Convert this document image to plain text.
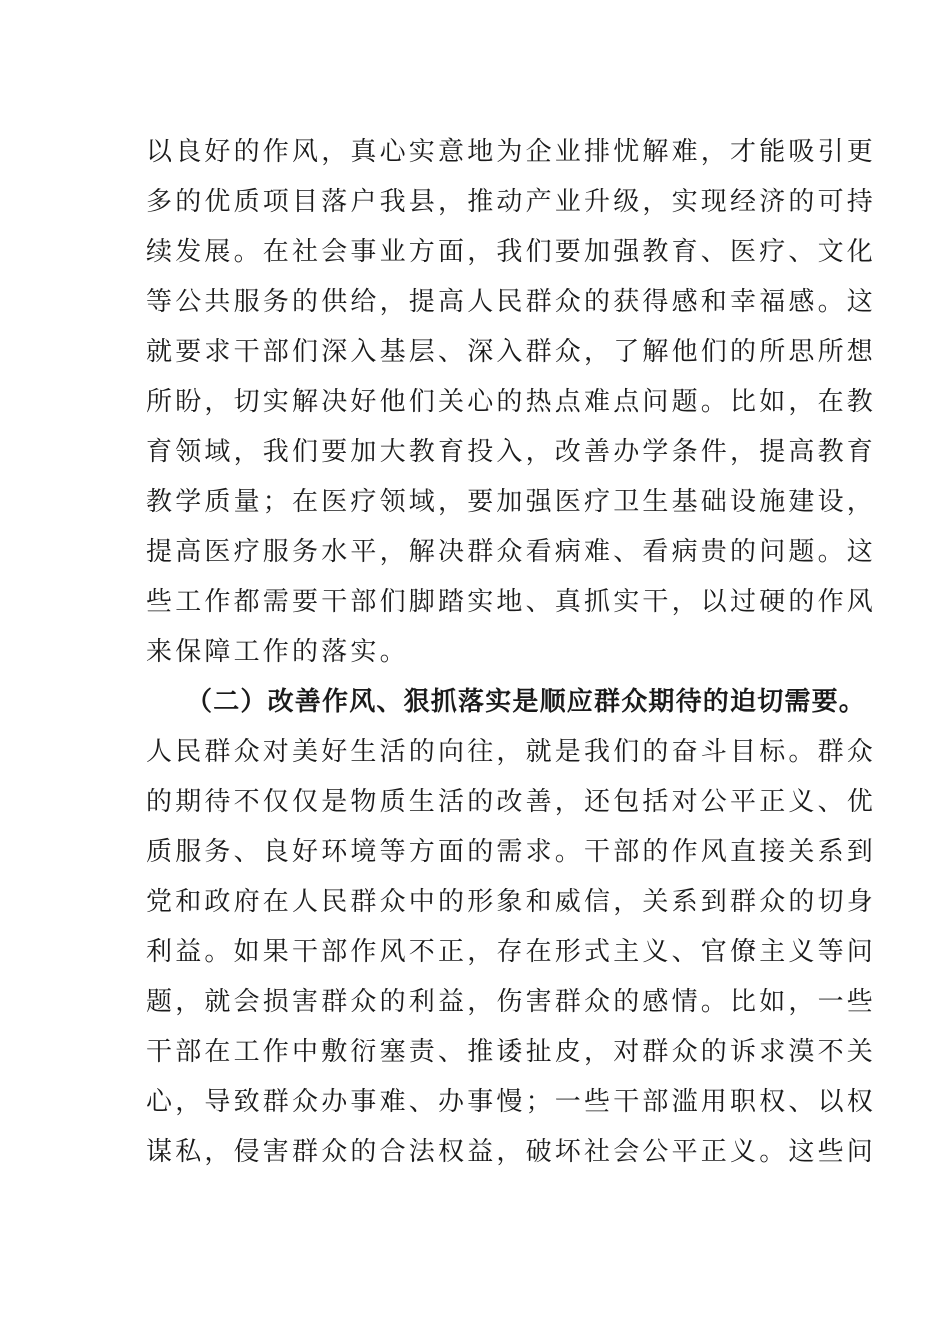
以良好的作风，真心实意地为企业排忧解难，才能吸引更
多的优质项目落户我县，推动产业升级，实现经济的可持
续发展。在社会事业方面，我们要加强教育、医疗、文化
等公共服务的供给，提高人民群众的获得感和幸福感。这
就要求干部们深入基层、深入群众，了解他们的所思所想
所盼，切实解决好他们关心的热点难点问题。比如，在教
育领域，我们要加大教育投入，改善办学条件，提高教育
教学质量；在医疗领域，要加强医疗卫生基础设施建设，
提高医疗服务水平，解决群众看病难、看病贵的问题。这
些工作都需要干部们脚踏实地、真抓实干，以过硬的作风
来保障工作的落实。
（二）改善作风、狠抓落实是顺应群众期待的迫切需要。
人民群众对美好生活的向往，就是我们的奋斗目标。群众
的期待不仅仅是物质生活的改善，还包括对公平正义、优
质服务、良好环境等方面的需求。干部的作风直接关系到
党和政府在人民群众中的形象和威信，关系到群众的切身
利益。如果干部作风不正，存在形式主义、官僚主义等问
题，就会损害群众的利益，伤害群众的感情。比如，一些
干部在工作中敷衍塞责、推诿扯皮，对群众的诉求漠不关
心，导致群众办事难、办事慢；一些干部滥用职权、以权
谋私，侵害群众的合法权益，破坏社会公平正义。这些问
